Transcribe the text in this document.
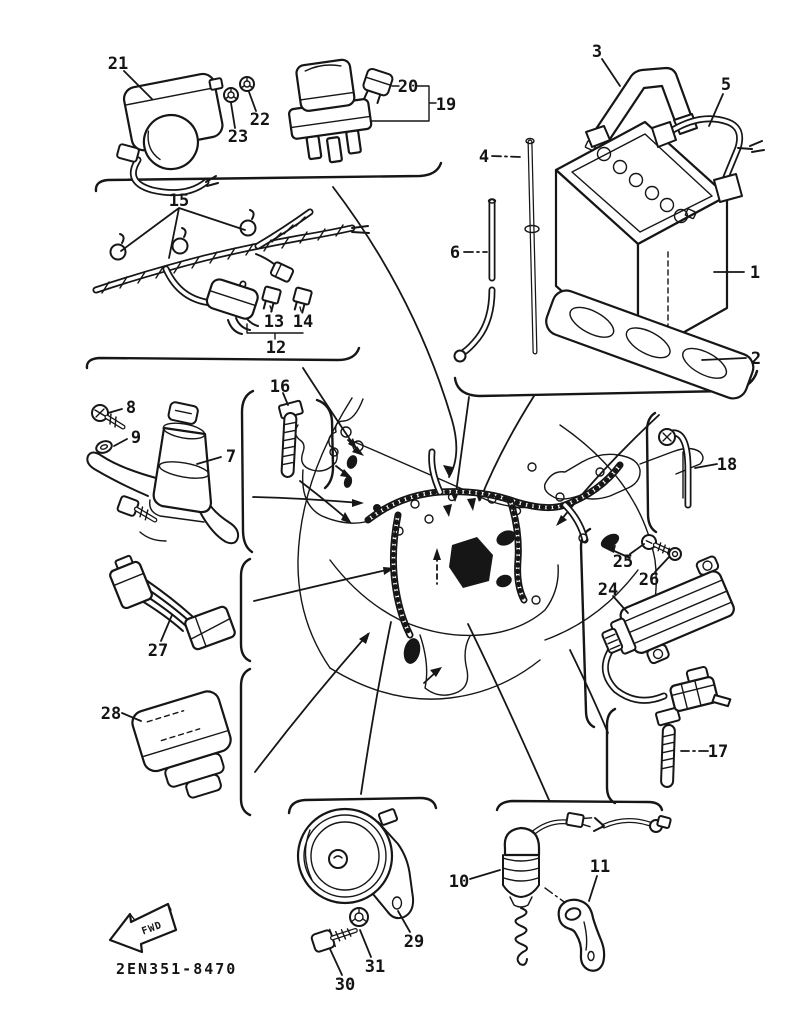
1
2
3
4
5
6
7
8
9
10
11
12
13 14
15
16
17
18
19
20
21
22
23
24
25
26
27
28
29
30
31
FWD
2EN351-8470
